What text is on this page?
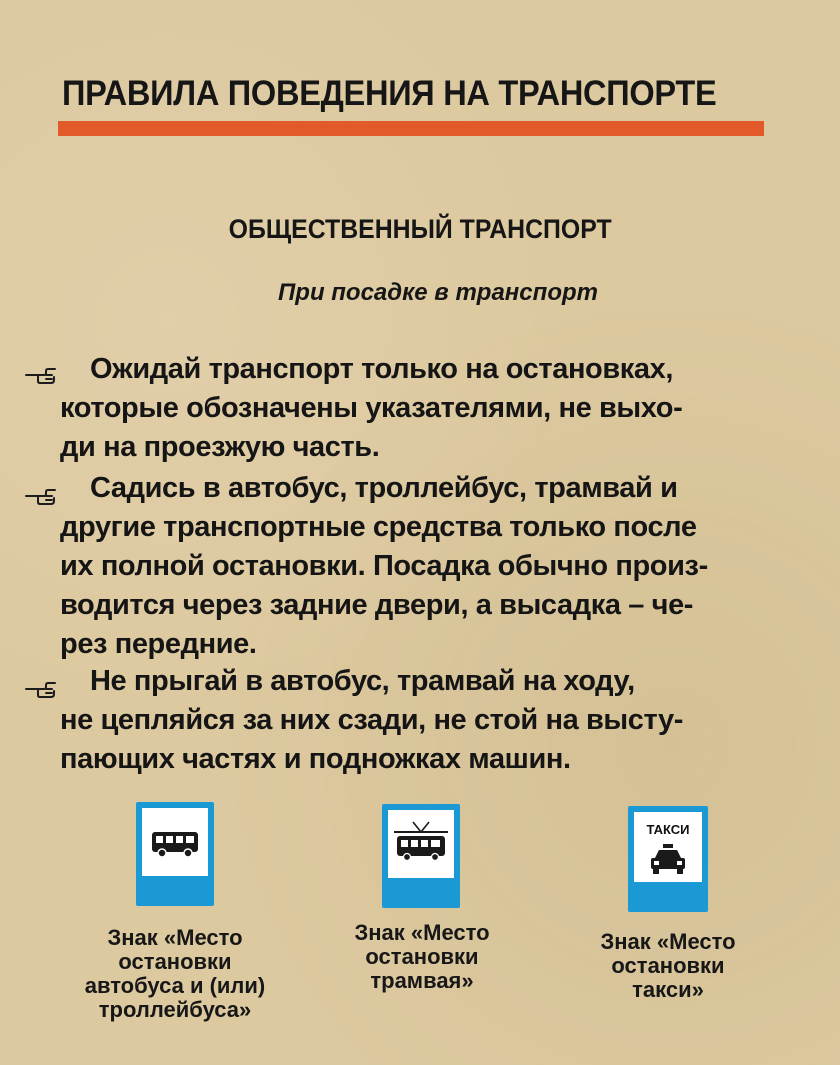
ПРАВИЛА ПОВЕДЕНИЯ НА ТРАНСПОРТЕ
ОБЩЕСТВЕННЫЙ ТРАНСПОРТ
При посадке в транспорт
Ожидай транспорт только на остановках,
которые обозначены указателями, не выхо-
ди на проезжую часть.
Садись в автобус, троллейбус, трамвай и
другие транспортные средства только после
их полной остановки. Посадка обычно произ-
водится через задние двери, а высадка – че-
рез передние.
Не прыгай в автобус, трамвай на ходу,
не цепляйся за них сзади, не стой на высту-
пающих частях и подножках машин.
Знак «Место
остановки
автобуса и (или)
троллейбуса»
Знак «Место
остановки
трамвая»
ТАКСИ
Знак «Место
остановки
такси»
